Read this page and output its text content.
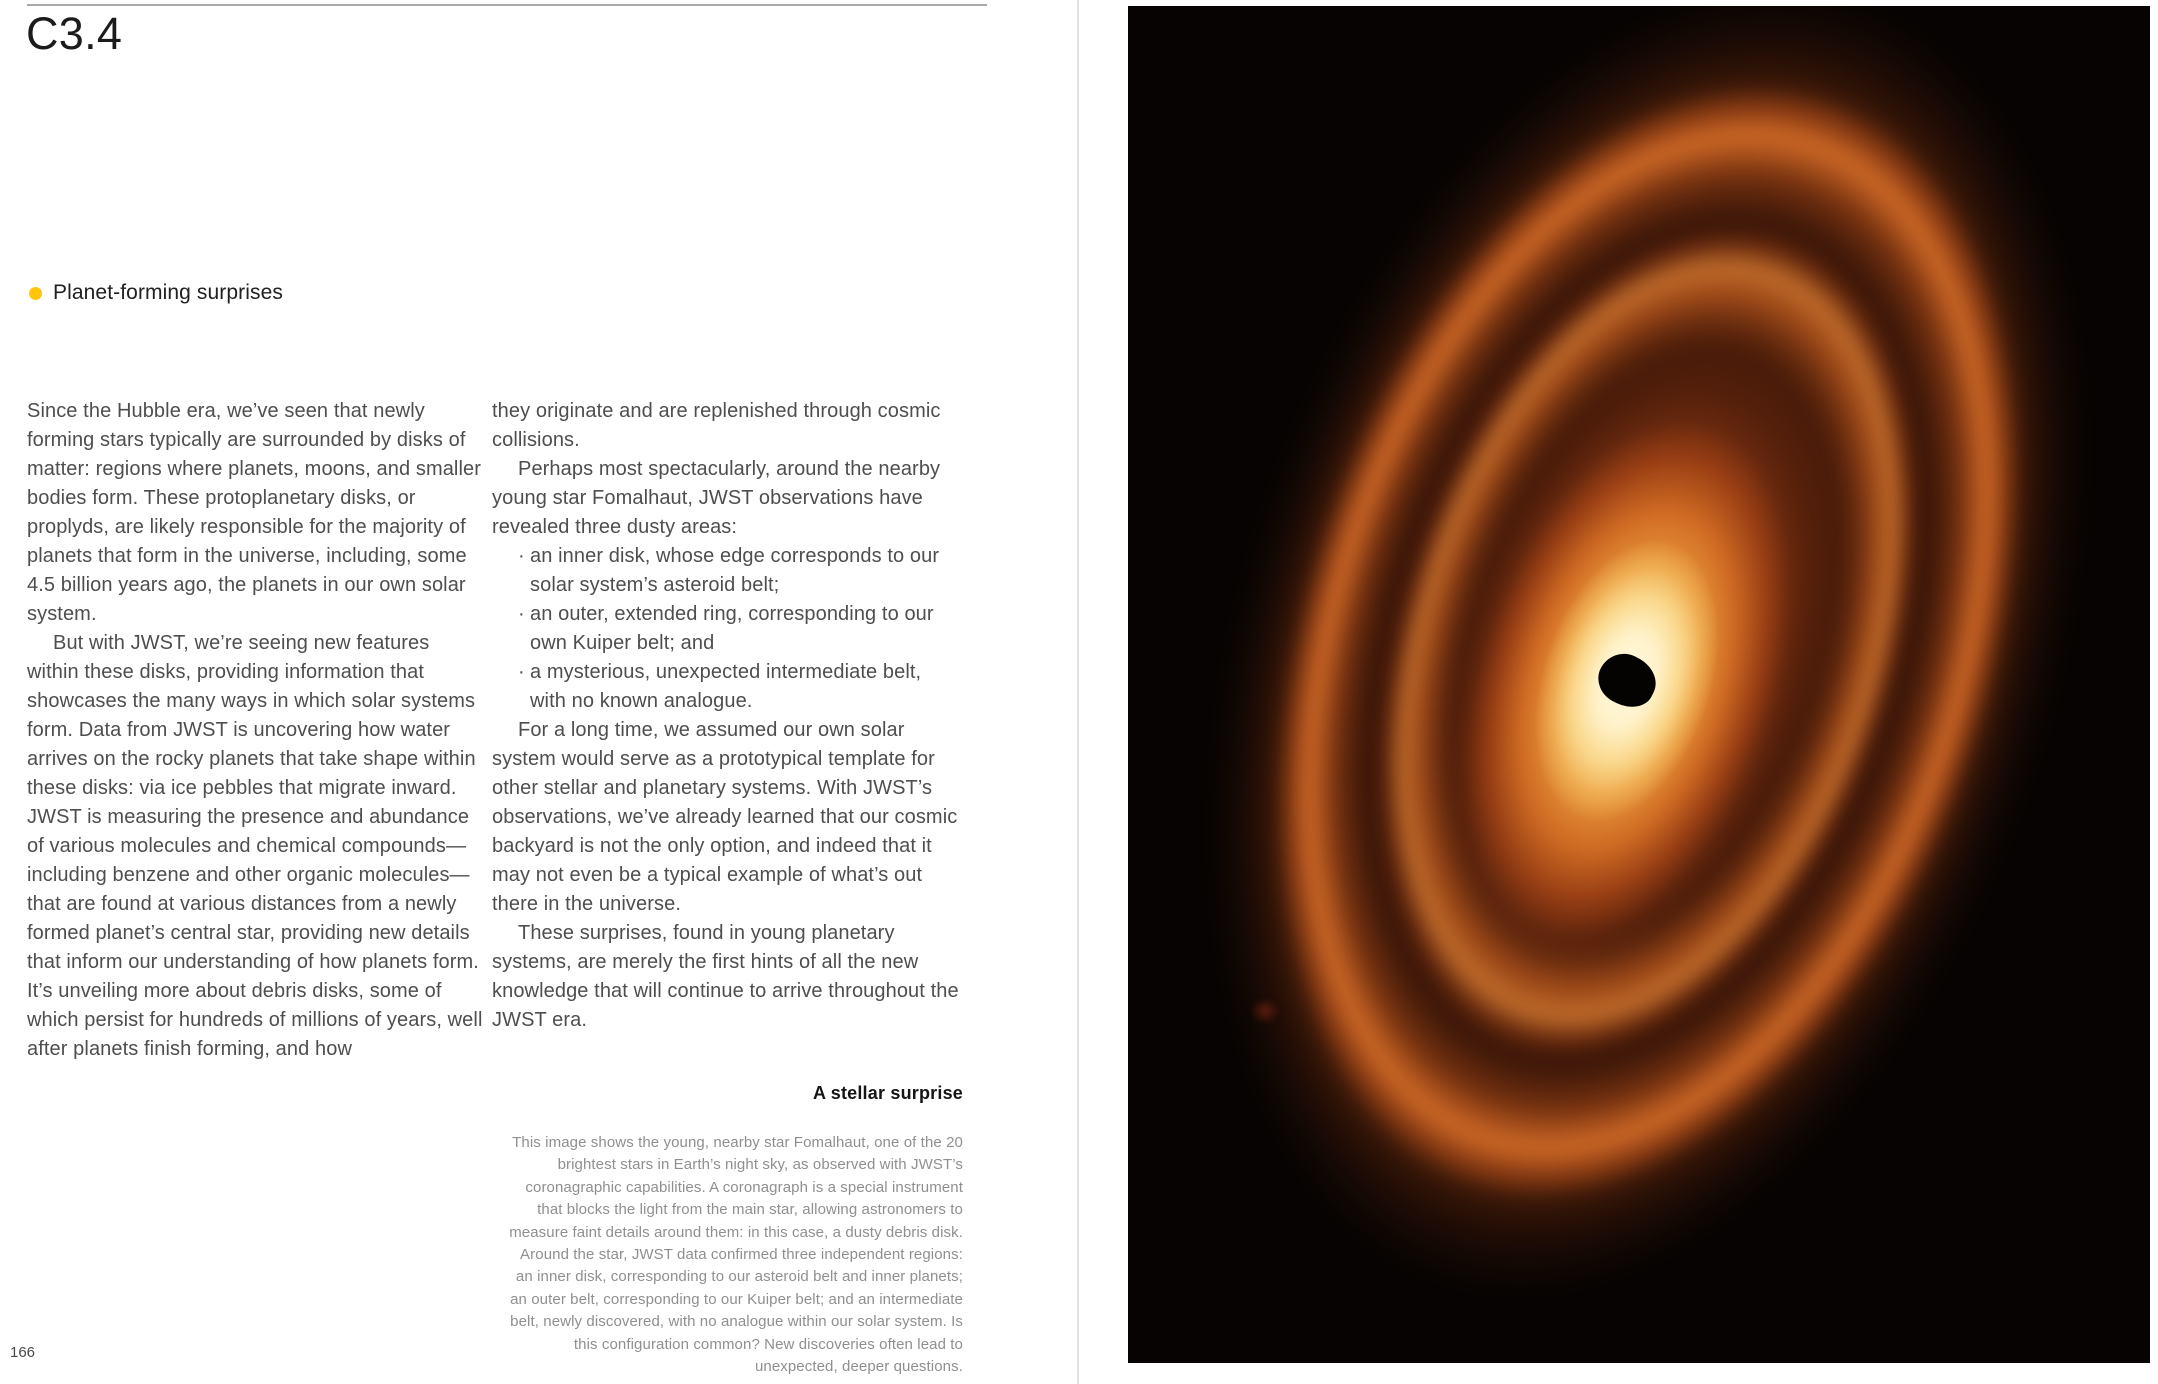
C3.4
Planet-forming surprises

Since the Hubble era, we’ve seen that newly forming stars typically are surrounded by disks of matter: regions where planets, moons, and smaller bodies form. These protoplanetary disks, or proplyds, are likely responsible for the majority of planets that form in the universe, including, some 4.5 billion years ago, the planets in our own solar system.

But with JWST, we’re seeing new features within these disks, providing information that showcases the many ways in which solar systems form. Data from JWST is uncovering how water arrives on the rocky planets that take shape within these disks: via ice pebbles that migrate inward. JWST is measuring the presence and abundance of various molecules and chemical compounds—including benzene and other organic molecules—that are found at various distances from a newly formed planet’s central star, providing new details that inform our understanding of how planets form. It’s unveiling more about debris disks, some of which persist for hundreds of millions of years, well after planets finish forming, and how

they originate and are replenished through cosmic collisions.

Perhaps most spectacularly, around the nearby young star Fomalhaut, JWST observations have revealed three dusty areas:

· an inner disk, whose edge corresponds to our solar system’s asteroid belt;
· an outer, extended ring, corresponding to our own Kuiper belt; and
· a mysterious, unexpected intermediate belt, with no known analogue.

For a long time, we assumed our own solar system would serve as a prototypical template for other stellar and planetary systems. With JWST’s observations, we’ve already learned that our cosmic backyard is not the only option, and indeed that it may not even be a typical example of what’s out there in the universe.

These surprises, found in young planetary systems, are merely the first hints of all the new knowledge that will continue to arrive throughout the JWST era.

A stellar surprise
This image shows the young, nearby star Fomalhaut, one of the 20 brightest stars in Earth’s night sky, as observed with JWST’s coronagraphic capabilities. A coronagraph is a special instrument that blocks the light from the main star, allowing astronomers to measure faint details around them: in this case, a dusty debris disk. Around the star, JWST data confirmed three independent regions: an inner disk, corresponding to our asteroid belt and inner planets; an outer belt, corresponding to our Kuiper belt; and an intermediate belt, newly discovered, with no analogue within our solar system. Is this configuration common? New discoveries often lead to unexpected, deeper questions.
166
